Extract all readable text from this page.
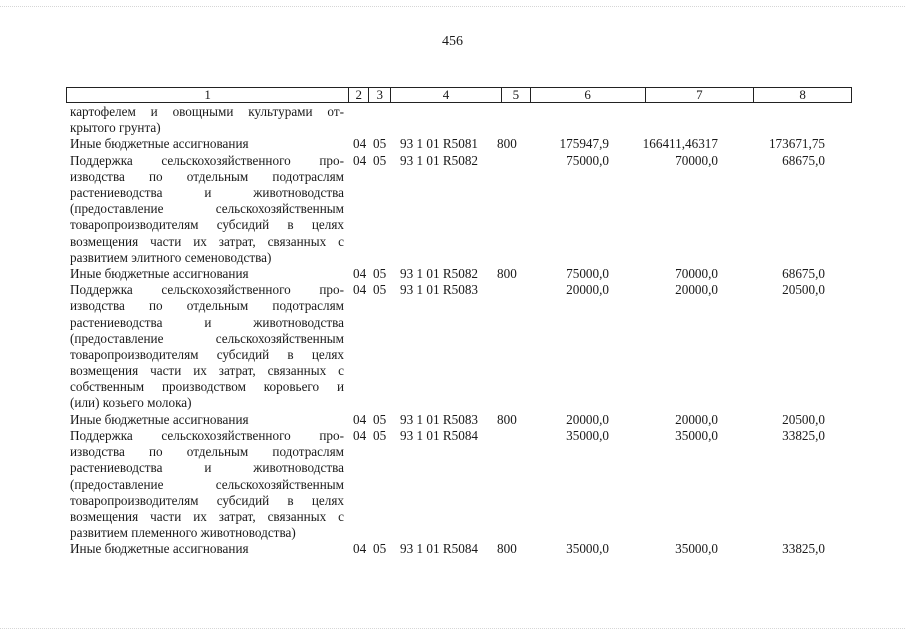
456
1	2	3	4	5	6	7	8
картофелем и овощными культурами от-
крытого грунта)
Иные бюджетные ассигнования	04 05 93 1 01 R5081 800	175947,9	166411,46317	173671,75
Поддержка сельскохозяйственного про-
изводства по отдельным подотраслям
растениеводства и животноводства
(предоставление сельскохозяйственным
товаропроизводителям субсидий в целях
возмещения части их затрат, связанных с
развитием элитного семеноводства)
04 05 93 1 01 R5082	75000,0	70000,0	68675,0
Иные бюджетные ассигнования	04 05 93 1 01 R5082 800	75000,0	70000,0	68675,0
Поддержка сельскохозяйственного про-
изводства по отдельным подотраслям
растениеводства и животноводства
(предоставление сельскохозяйственным
товаропроизводителям субсидий в целях
возмещения части их затрат, связанных с
собственным производством коровьего и
(или) козьего молока)
04 05 93 1 01 R5083	20000,0	20000,0	20500,0
Иные бюджетные ассигнования	04 05 93 1 01 R5083 800	20000,0	20000,0	20500,0
Поддержка сельскохозяйственного про-
изводства по отдельным подотраслям
растениеводства и животноводства
(предоставление сельскохозяйственным
товаропроизводителям субсидий в целях
возмещения части их затрат, связанных с
развитием племенного животноводства)
04 05 93 1 01 R5084	35000,0	35000,0	33825,0
Иные бюджетные ассигнования	04 05 93 1 01 R5084 800	35000,0	35000,0	33825,0
